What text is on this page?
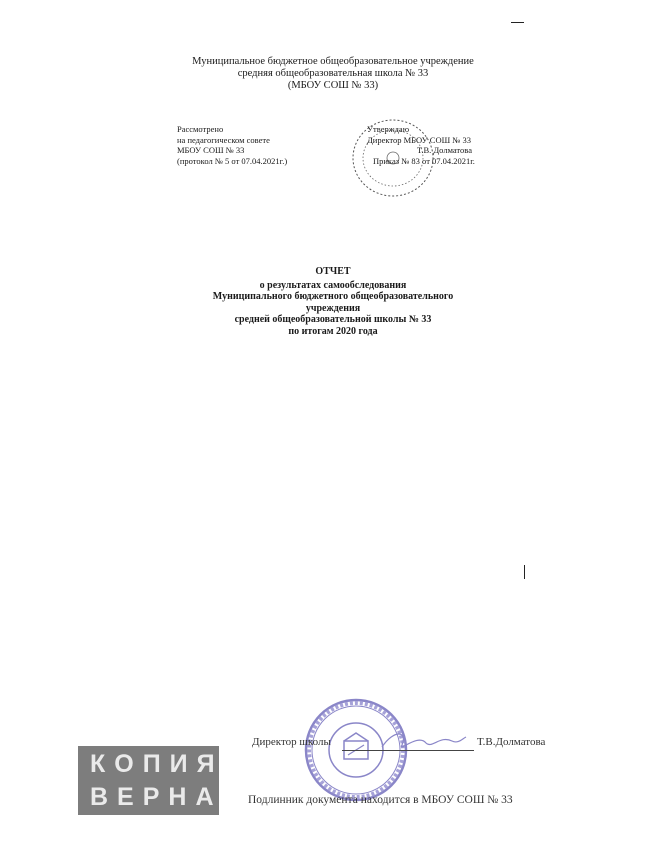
Муниципальное бюджетное общеобразовательное учреждение
средняя общеобразовательная школа № 33
(МБОУ СОШ № 33)
Рассмотрено
на педагогическом совете
МБОУ СОШ № 33
(протокол № 5 от 07.04.2021г.)
Утверждаю
Директор МБОУ СОШ № 33
Т.В. Долматова
Приказ № 83 от 07.04.2021г.
ОТЧЕТ
о результатах самообследования
Муниципального бюджетного общеобразовательного
учреждения
средней общеобразовательной школы № 33
по итогам 2020 года
Директор школы	Т.В.Долматова
КОПИЯ
ВЕРНА Подлинник документа находится в МБОУ СОШ № 33
